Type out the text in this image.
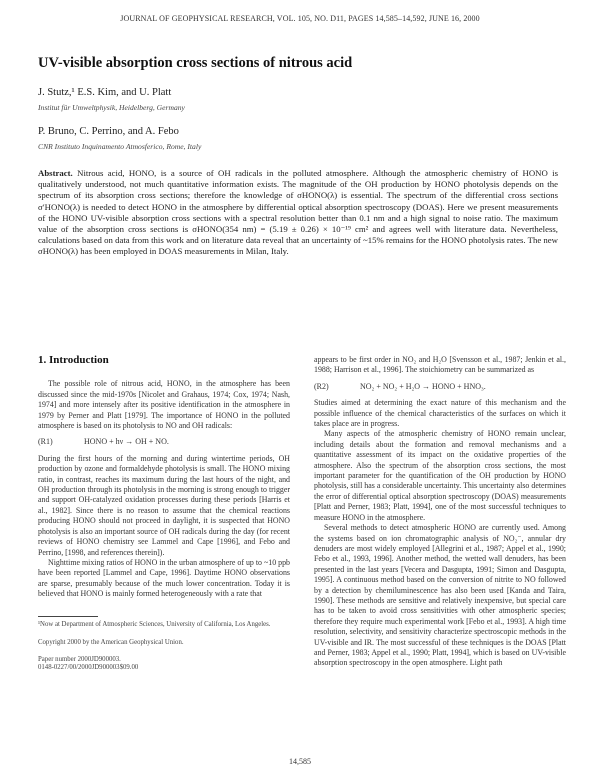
JOURNAL OF GEOPHYSICAL RESEARCH, VOL. 105, NO. D11, PAGES 14,585–14,592, JUNE 16, 2000
UV-visible absorption cross sections of nitrous acid
J. Stutz,¹ E.S. Kim, and U. Platt
Institut für Umweltphysik, Heidelberg, Germany
P. Bruno, C. Perrino, and A. Febo
CNR Instituto Inquinamento Atmosferico, Rome, Italy
Abstract. Nitrous acid, HONO, is a source of OH radicals in the polluted atmosphere. Although the atmospheric chemistry of HONO is qualitatively understood, not much quantitative information exists. The magnitude of the OH production by HONO photolysis depends on the spectrum of its absorption cross sections; therefore the knowledge of σHONO(λ) is essential. The spectrum of the differential cross sections σ′HONO(λ) is needed to detect HONO in the atmosphere by differential optical absorption spectroscopy (DOAS). Here we present measurements of the HONO UV-visible absorption cross sections with a spectral resolution better than 0.1 nm and a high signal to noise ratio. The maximum value of the absorption cross sections is σHONO(354 nm) = (5.19 ± 0.26) × 10⁻¹⁹ cm² and agrees well with literature data. Nevertheless, calculations based on data from this work and on literature data reveal that an uncertainty of ~15% remains for the HONO photolysis rates. The new σHONO(λ) has been employed in DOAS measurements in Milan, Italy.
1. Introduction

The possible role of nitrous acid, HONO, in the atmosphere has been discussed since the mid-1970s [Nicolet and Grahaus, 1974; Cox, 1974; Nash, 1974] and more intensely after its positive identification in the atmosphere in 1979 by Perner and Platt [1979]. The importance of HONO in the polluted atmosphere is based on its photolysis to NO and OH radicals:

(R1)	HONO + hν → OH + NO.

During the first hours of the morning and during wintertime periods, OH production by ozone and formaldehyde photolysis is small. The HONO mixing ratio, in contrast, reaches its maximum during the last hours of the night, and OH production through its photolysis in the morning is strong enough to trigger and support OH-catalyzed oxidation processes during these periods [Harris et al., 1982]. Since there is no reason to assume that the chemical reactions producing HONO should not proceed in daylight, it is suspected that HONO photolysis is also an important source of OH radicals during the day (for recent reviews of HONO chemistry see Lammel and Cape [1996], and Febo and Perrino, [1998, and references therein]).

Nighttime mixing ratios of HONO in the urban atmosphere of up to ~10 ppb have been reported [Lammel and Cape, 1996]. Daytime HONO observations are sparse, presumably because of the much lower concentration. Today it is believed that HONO is mainly formed heterogeneously with a rate that

¹Now at Department of Atmospheric Sciences, University of California, Los Angeles.

Copyright 2000 by the American Geophysical Union.
Paper number 2000JD900003.
0148-0227/00/2000JD900003$09.00

appears to be first order in NO₂ and H₂O [Svensson et al., 1987; Jenkin et al., 1988; Harrison et al., 1996]. The stoichiometry can be summarized as

(R2)	NO₂ + NO₂ + H₂O → HONO + HNO₃.

Studies aimed at determining the exact nature of this mechanism and the possible influence of the chemical characteristics of the surfaces on which it takes place are in progress.

Many aspects of the atmospheric chemistry of HONO remain unclear, including details about the formation and removal mechanisms and a quantitative assessment of its impact on the oxidative properties of the atmosphere. Also the spectrum of the absorption cross sections, the most important parameter for the quantification of the OH production by HONO photolysis, still has a considerable uncertainty. This uncertainty also determines the error of differential optical absorption spectroscopy (DOAS) measurements [Platt and Perner, 1983; Platt, 1994], one of the most successful techniques to measure HONO in the atmosphere.

Several methods to detect atmospheric HONO are currently used. Among the systems based on ion chromatographic analysis of NO₂⁻, annular dry denuders are most widely employed [Allegrini et al., 1987; Appel et al., 1990; Febo et al., 1993, 1996]. Another method, the wetted wall denuders, has been presented in the last years [Vecera and Dasgupta, 1991; Simon and Dasgupta, 1995]. A continuous method based on the conversion of nitrite to NO followed by a detection by chemiluminescence has also been used [Kanda and Taira, 1990]. These methods are sensitive and relatively inexpensive, but special care has to be taken to avoid cross sensitivities with other atmospheric species; therefore they require much experimental work [Febo et al., 1993]. A high time resolution, selectivity, and sensitivity characterize spectroscopic methods in the UV-visible and IR. The most successful of these techniques is the DOAS [Platt and Perner, 1983; Appel et al., 1990; Platt, 1994], which is based on UV-visible absorption spectroscopy in the open atmosphere. Light path

14,585
